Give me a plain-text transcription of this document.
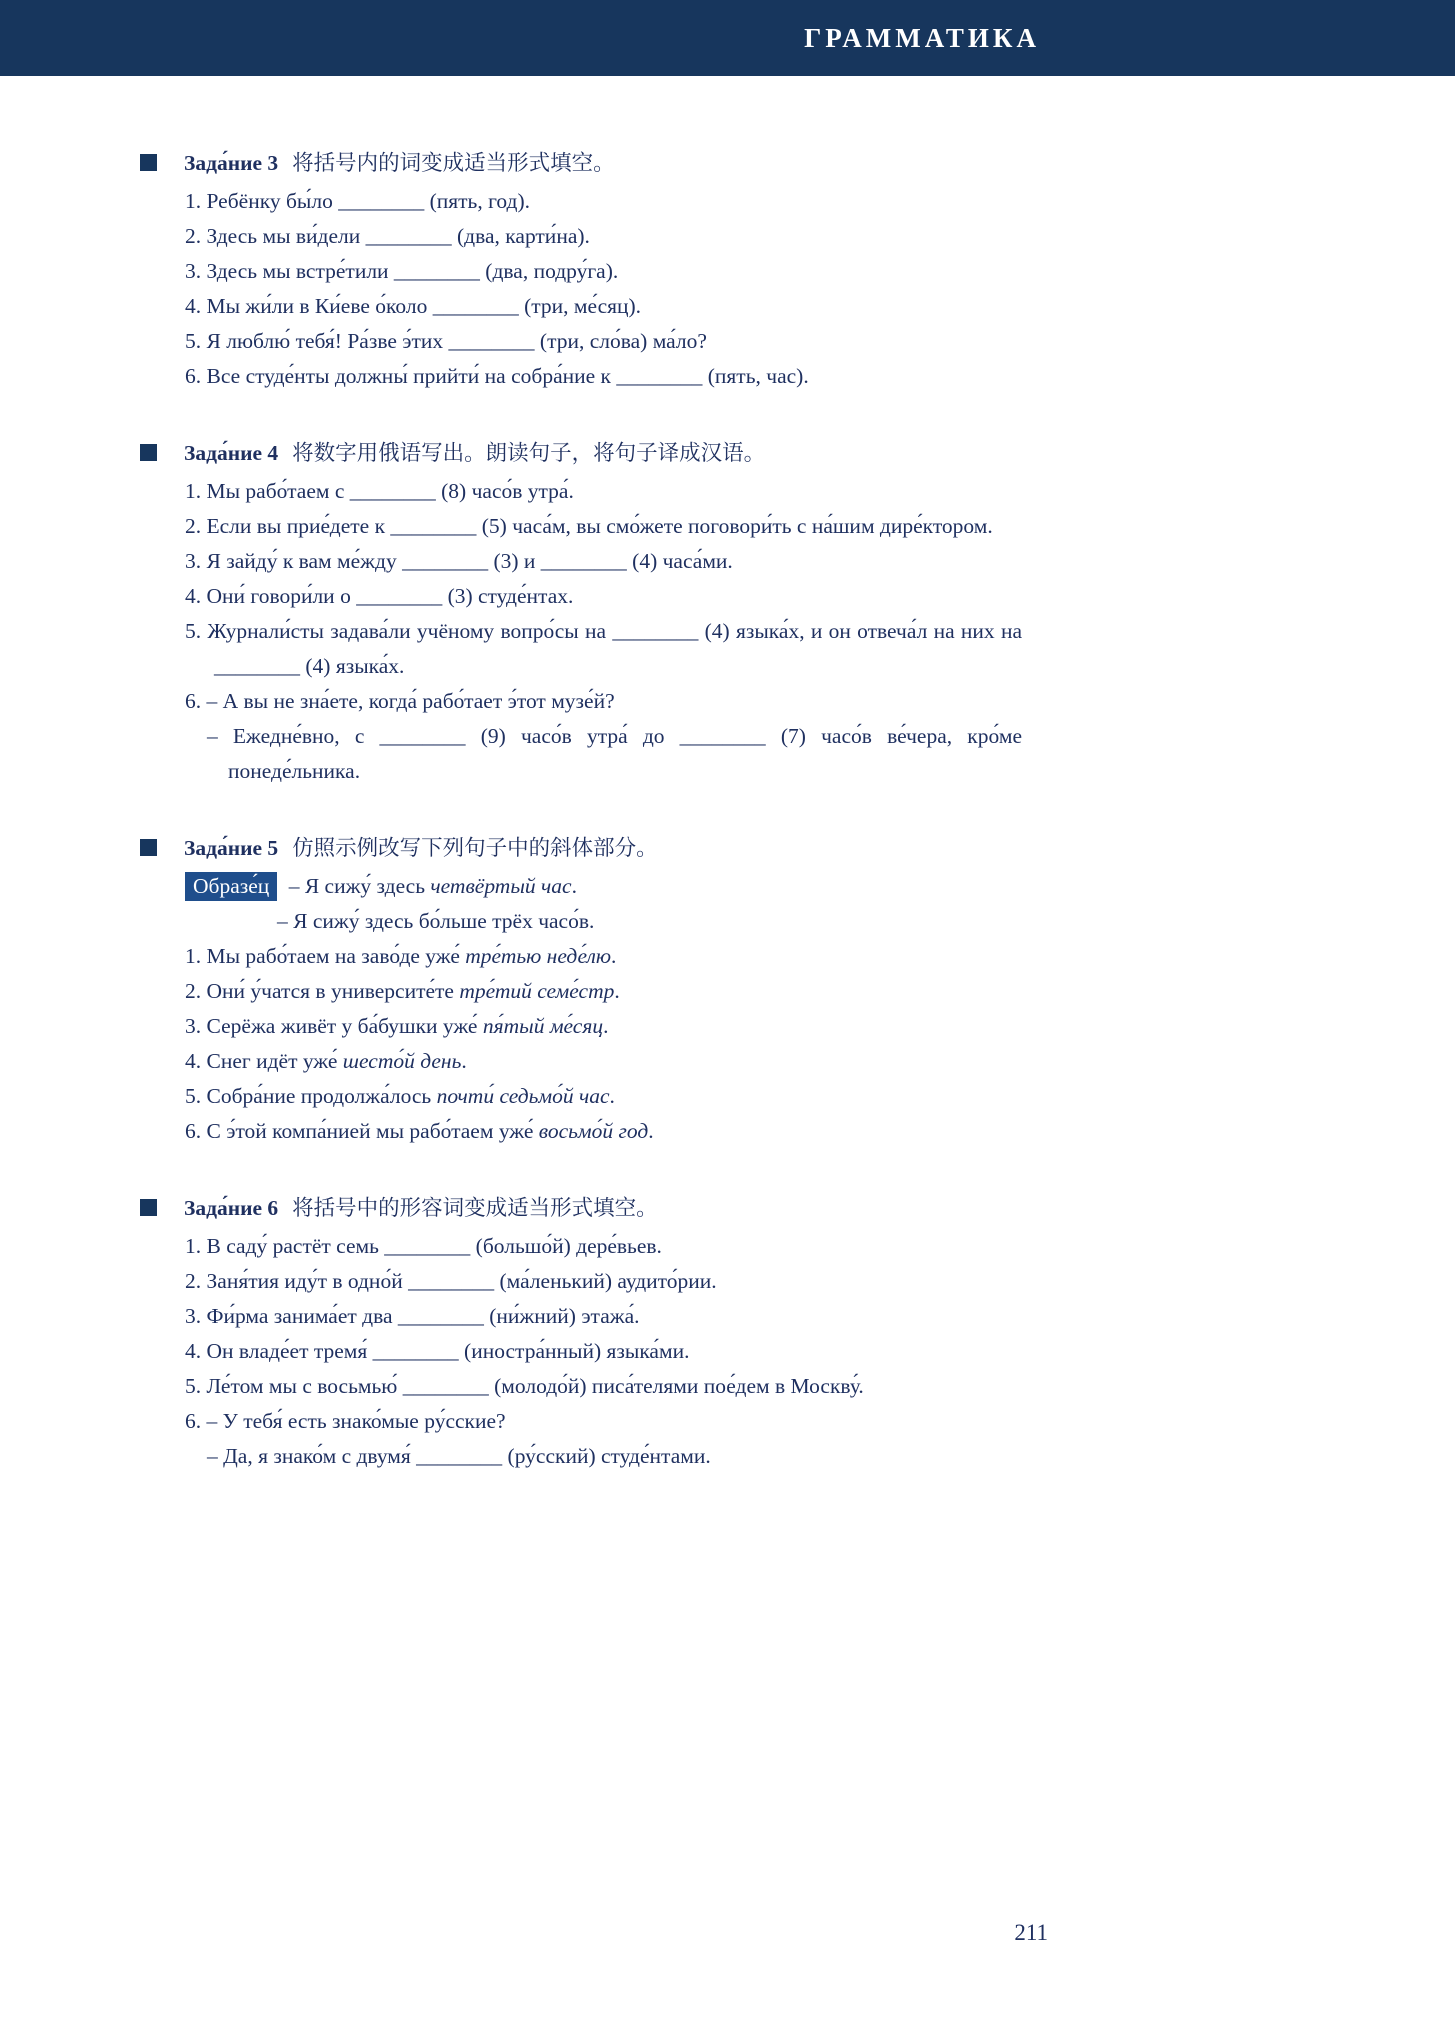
ГРАММАТИКА
Зада́ние 3 将括号内的词变成适当形式填空。
1. Ребёнку бы́ло ________ (пять, год).
2. Здесь мы ви́дели ________ (два, карти́на).
3. Здесь мы встре́тили ________ (два, подру́га).
4. Мы жи́ли в Ки́еве о́коло ________ (три, ме́сяц).
5. Я люблю́ тебя́! Ра́зве э́тих ________ (три, сло́ва) ма́ло?
6. Все студе́нты должны́ прийти́ на собра́ние к ________ (пять, час).
Зада́ние 4 将数字用俄语写出。朗读句子，将句子译成汉语。
1. Мы рабо́таем с ________ (8) часо́в утра́.
2. Если вы прие́дете к ________ (5) часа́м, вы смо́жете поговори́ть с на́шим дире́ктором.
3. Я зайду́ к вам ме́жду ________ (3) и ________ (4) часа́ми.
4. Они́ говори́ли о ________ (3) студе́нтах.
5. Журнали́сты задава́ли учёному вопро́сы на ________ (4) языка́х, и он отвеча́л на них на ________ (4) языка́х.
6. – А вы не зна́ете, когда́ рабо́тает э́тот музе́й?
– Ежедне́вно, с ________ (9) часо́в утра́ до ________ (7) часо́в ве́чера, кро́ме понеде́льника.
Зада́ние 5 仿照示例改写下列句子中的斜体部分。
Образе́ц – Я сижу́ здесь четвёртый час.
– Я сижу́ здесь бо́льше трёх часо́в.
1. Мы рабо́таем на заво́де уже́ тре́тью неде́лю.
2. Они́ у́чатся в университе́те тре́тий семе́стр.
3. Серёжа живёт у ба́бушки уже́ пя́тый ме́сяц.
4. Снег идёт уже́ шесто́й день.
5. Собра́ние продолжа́лось почти́ седьмо́й час.
6. С э́той компа́нией мы рабо́таем уже́ восьмо́й год.
Зада́ние 6 将括号中的形容词变成适当形式填空。
1. В саду́ растёт семь ________ (большо́й) дере́вьев.
2. Заня́тия иду́т в одно́й ________ (ма́ленький) аудито́рии.
3. Фи́рма занима́ет два ________ (ни́жний) этажа́.
4. Он владе́ет тремя́ ________ (иностра́нный) языка́ми.
5. Ле́том мы с восьмью́ ________ (молодо́й) писа́телями пое́дем в Москву́.
6. – У тебя́ есть знако́мые ру́сские?
– Да, я знако́м с двумя́ ________ (ру́сский) студе́нтами.
211
